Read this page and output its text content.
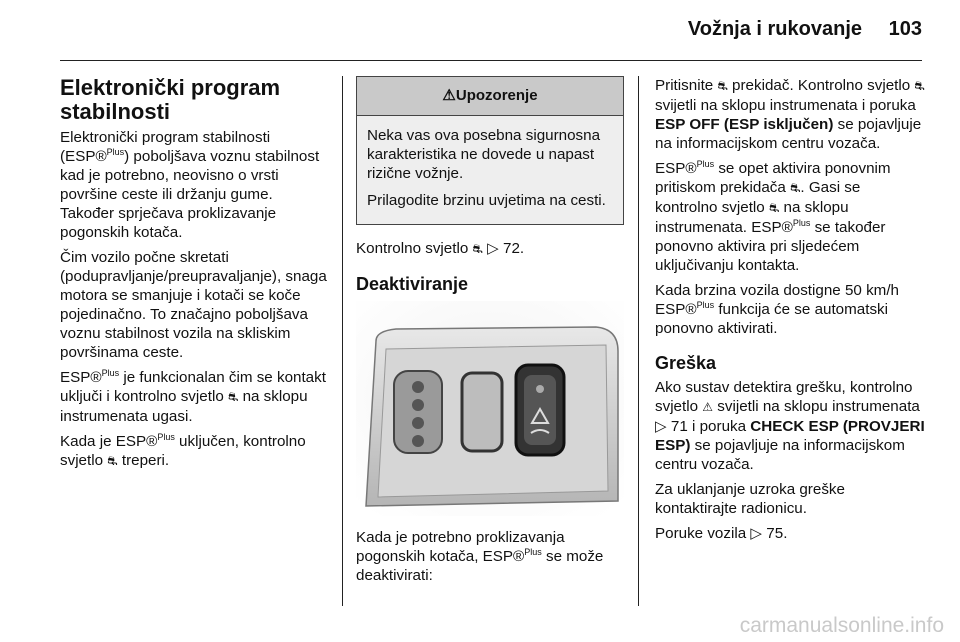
Vožnja i rukovanje 103
Elektronički program stabilnosti

Elektronički program stabilnosti (ESP®$^{Plus}$) poboljšava voznu stabilnost kad je potrebno, neovisno o vrsti površine ceste ili držanju gume. Također sprječava proklizavanje pogonskih kotača.

Čim vozilo počne skretati (podupravljanje/preupravaljanje), snaga motora se smanjuje i kotači se koče pojedinačno. To značajno poboljšava voznu stabilnost vozila na skliskim površinama ceste.

ESP®$^{Plus}$ je funkcionalan čim se kontakt uključi i kontrolno svjetlo ⛐ na sklopu instrumenata ugasi.

Kada je ESP®$^{Plus}$ uključen, kontrolno svjetlo ⛐ treperi.

⚠Upozorenje

Neka vas ova posebna sigurnosna karakteristika ne dovede u napast rizične vožnje.

Prilagodite brzinu uvjetima na cesti.

Kontrolno svjetlo ⛐ ▷ 72.

Deaktiviranje

Kada je potrebno proklizavanja pogonskih kotača, ESP®$^{Plus}$ se može deaktivirati:

Pritisnite ⛐ prekidač. Kontrolno svjetlo ⛐ svijetli na sklopu instrumenata i poruka ESP OFF (ESP isključen) se pojavljuje na informacijskom centru vozača.

ESP®$^{Plus}$ se opet aktivira ponovnim pritiskom prekidača ⛐. Gasi se kontrolno svjetlo ⛐ na sklopu instrumenata. ESP®$^{Plus}$ se također ponovno aktivira pri sljedećem uključivanju kontakta.

Kada brzina vozila dostigne 50 km/h ESP®$^{Plus}$ funkcija će se automatski ponovno aktivirati.

Greška

Ako sustav detektira grešku, kontrolno svjetlo ⚠ svijetli na sklopu instrumenata ▷ 71 i poruka CHECK ESP (PROVJERI ESP) se pojavljuje na informacijskom centru vozača.

Za uklanjanje uzroka greške kontaktirajte radionicu.

Poruke vozila ▷ 75.

carmanualsonline.info
